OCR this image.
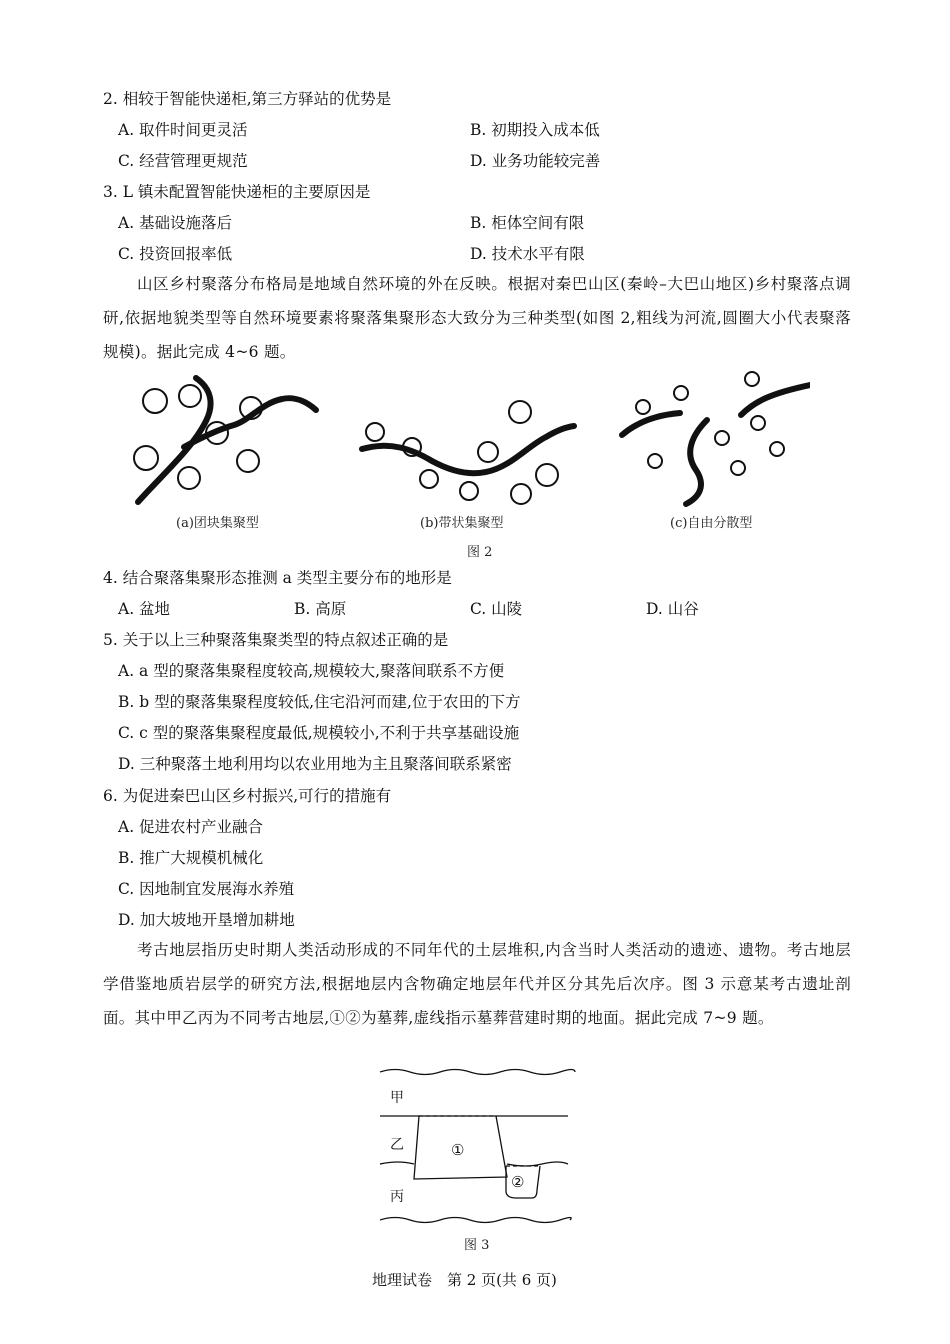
2. 相较于智能快递柜,第三方驿站的优势是
A. 取件时间更灵活	B. 初期投入成本低
C. 经营管理更规范	D. 业务功能较完善
3. L 镇未配置智能快递柜的主要原因是
A. 基础设施落后	B. 柜体空间有限
C. 投资回报率低	D. 技术水平有限
山区乡村聚落分布格局是地域自然环境的外在反映。根据对秦巴山区(秦岭–大巴山地区)乡村聚落点调研,依据地貌类型等自然环境要素将聚落集聚形态大致分为三种类型(如图 2,粗线为河流,圆圈大小代表聚落规模)。据此完成 4~6 题。
(a)团块集聚型	(b)带状集聚型	(c)自由分散型
图 2
4. 结合聚落集聚形态推测 a 类型主要分布的地形是
A. 盆地	B. 高原	C. 山陵	D. 山谷
5. 关于以上三种聚落集聚类型的特点叙述正确的是
A. a 型的聚落集聚程度较高,规模较大,聚落间联系不方便
B. b 型的聚落集聚程度较低,住宅沿河而建,位于农田的下方
C. c 型的聚落集聚程度最低,规模较小,不利于共享基础设施
D. 三种聚落土地利用均以农业用地为主且聚落间联系紧密
6. 为促进秦巴山区乡村振兴,可行的措施有
A. 促进农村产业融合
B. 推广大规模机械化
C. 因地制宜发展海水养殖
D. 加大坡地开垦增加耕地
考古地层指历史时期人类活动形成的不同年代的土层堆积,内含当时人类活动的遗迹、遗物。考古地层学借鉴地质岩层学的研究方法,根据地层内含物确定地层年代并区分其先后次序。图 3 示意某考古遗址剖面。其中甲乙丙为不同考古地层,①②为墓葬,虚线指示墓葬营建时期的地面。据此完成 7~9 题。
甲
乙
丙
①
②
图 3
地理试卷　第 2 页(共 6 页)
